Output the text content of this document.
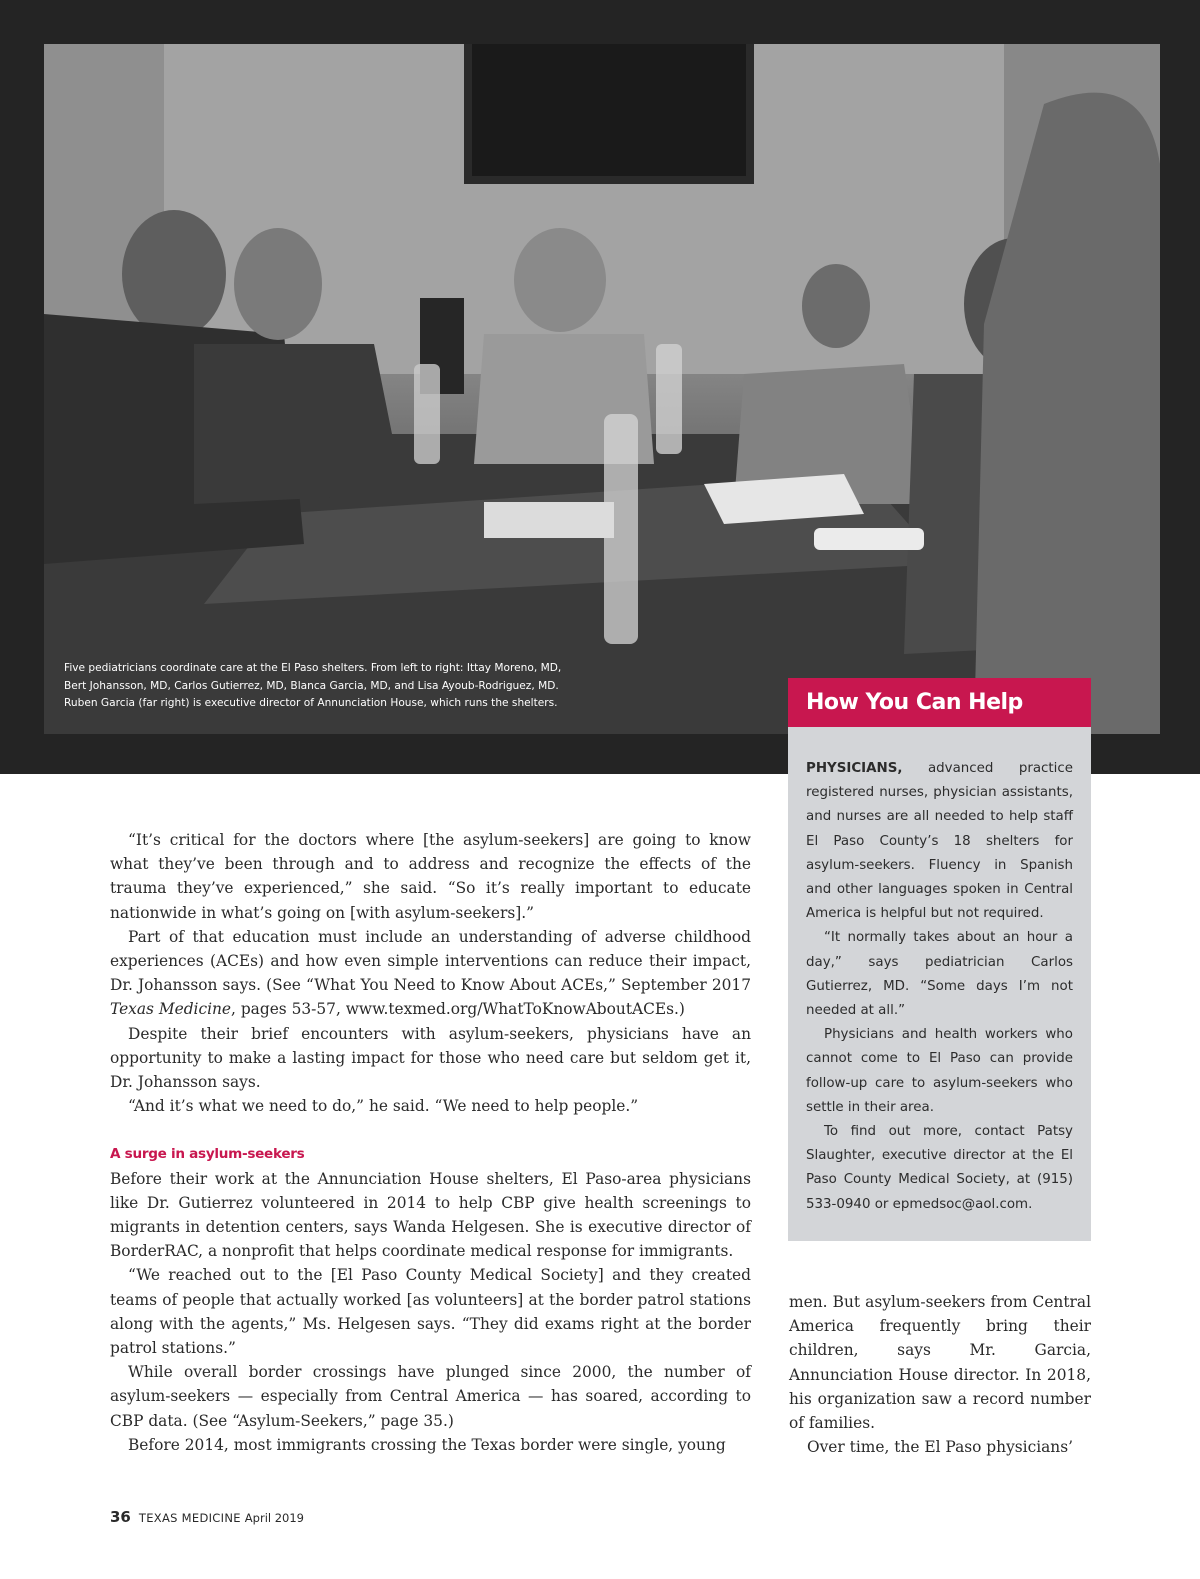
Five pediatricians coordinate care at the El Paso shelters. From left to right: Ittay Moreno, MD,

Bert Johansson, MD, Carlos Gutierrez, MD, Blanca Garcia, MD, and Lisa Ayoub-Rodriguez, MD.

Ruben Garcia (far right) is executive director of Annunciation House, which runs the shelters.	How You Can Help

PHYSICIANS, advanced practice registered nurses, physician assistants, and nurses are all needed to help staff El Paso County’s 18 shelters for asylum-seekers. Fluency in Spanish and other languages spoken in Central America is helpful but not required.

“It normally takes about an hour a day,” says pediatrician Carlos Gutierrez, MD. “Some days I’m not needed at all.”

Physicians and health workers who cannot come to El Paso can provide follow-up care to asylum-seekers who settle in their area.

To find out more, contact Patsy Slaughter, executive director at the El Paso County Medical Society, at (915) 533-0940 or epmedsoc@aol.com.

“It’s critical for the doctors where [the asylum-seekers] are going to know what they’ve been through and to address and recognize the effects of the trauma they’ve experienced,” she said. “So it’s really important to educate nationwide in what’s going on [with asylum-seekers].”

Part of that education must include an understanding of adverse childhood experiences (ACEs) and how even simple interventions can reduce their impact, Dr. Johansson says. (See “What You Need to Know About ACEs,” September 2017 Texas Medicine, pages 53-57, www.texmed.org/WhatToKnowAboutACEs.)

Despite their brief encounters with asylum-seekers, physicians have an opportunity to make a lasting impact for those who need care but seldom get it, Dr. Johansson says.

“And it’s what we need to do,” he said. “We need to help people.”

A surge in asylum-seekers

Before their work at the Annunciation House shelters, El Paso-area physicians like Dr. Gutierrez volunteered in 2014 to help CBP give health screenings to migrants in detention centers, says Wanda Helgesen. She is executive director of BorderRAC, a nonprofit that helps coordinate medical response for immigrants.

“We reached out to the [El Paso County Medical Society] and they created teams of people that actually worked [as volunteers] at the border patrol stations along with the agents,” Ms. Helgesen says. “They did exams right at the border patrol stations.”

While overall border crossings have plunged since 2000, the number of asylum-seekers — especially from Central America — has soared, according to CBP data. (See “Asylum-Seekers,” page 35.)

Before 2014, most immigrants crossing the Texas border were single, young

men. But asylum-seekers from Central America frequently bring their children, says Mr. Garcia, Annunciation House director. In 2018, his organization saw a record number of families.

Over time, the El Paso physicians’

36 TEXAS MEDICINE April 2019
